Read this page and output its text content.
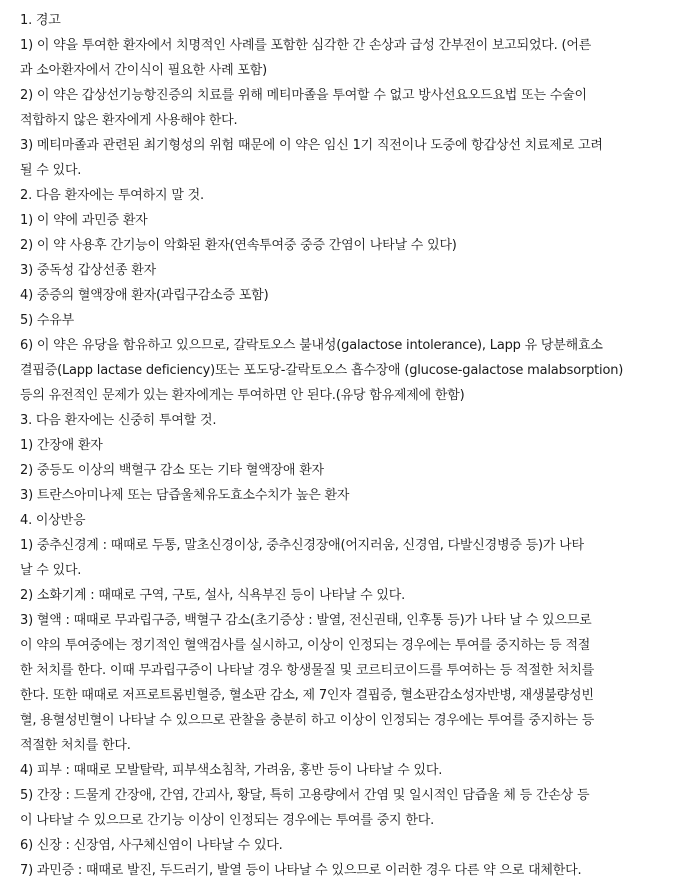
1. 경고

1) 이 약을 투여한 환자에서 치명적인 사례를 포함한 심각한 간 손상과 급성 간부전이 보고되었다. (어른

과 소아환자에서 간이식이 필요한 사례 포함)

2) 이 약은 갑상선기능항진증의 치료를 위해 메티마졸을 투여할 수 없고 방사선요오드요법 또는 수술이

적합하지 않은 환자에게 사용해야 한다.

3) 메티마졸과 관련된 최기형성의 위험 때문에 이 약은 임신 1기 직전이나 도중에 항갑상선 치료제로 고려

될 수 있다.

2. 다음 환자에는 투여하지 말 것.

1) 이 약에 과민증 환자

2) 이 약 사용후 간기능이 악화된 환자(연속투여중 중증 간염이 나타날 수 있다)

3) 중독성 갑상선종 환자

4) 중증의 혈액장애 환자(과립구감소증 포함)

5) 수유부

6) 이 약은 유당을 함유하고 있으므로, 갈락토오스 불내성(galactose intolerance), Lapp 유 당분해효소

결핍증(Lapp lactase deficiency)또는 포도당-갈락토오스 흡수장애 (glucose-galactose malabsorption)

등의 유전적인 문제가 있는 환자에게는 투여하면 안 된다.(유당 함유제제에 한함)

3. 다음 환자에는 신중히 투여할 것.

1) 간장애 환자

2) 중등도 이상의 백혈구 감소 또는 기타 혈액장애 환자

3) 트란스아미나제 또는 담즙울체유도효소수치가 높은 환자

4. 이상반응

1) 중추신경계 : 때때로 두통, 말초신경이상, 중추신경장애(어지러움, 신경염, 다발신경병증 등)가 나타

날 수 있다.

2) 소화기계 : 때때로 구역, 구토, 설사, 식욕부진 등이 나타날 수 있다.

3) 혈액 : 때때로 무과립구증, 백혈구 감소(초기증상 : 발열, 전신권태, 인후통 등)가 나타 날 수 있으므로

이 약의 투여중에는 정기적인 혈액검사를 실시하고, 이상이 인정되는 경우에는 투여를 중지하는 등 적절

한 처치를 한다. 이때 무과립구증이 나타날 경우 항생물질 및 코르티코이드를 투여하는 등 적절한 처치를

한다. 또한 때때로 저프로트롬빈혈증, 혈소판 감소, 제 7인자 결핍증, 혈소판감소성자반병, 재생불량성빈

혈, 용혈성빈혈이 나타날 수 있으므로 관찰을 충분히 하고 이상이 인정되는 경우에는 투여를 중지하는 등

적절한 처치를 한다.

4) 피부 : 때때로 모발탈락, 피부색소침착, 가려움, 홍반 등이 나타날 수 있다.

5) 간장 : 드물게 간장애, 간염, 간괴사, 황달, 특히 고용량에서 간염 및 일시적인 담즙울 체 등 간손상 등

이 나타날 수 있으므로 간기능 이상이 인정되는 경우에는 투여를 중지 한다.

6) 신장 : 신장염, 사구체신염이 나타날 수 있다.

7) 과민증 : 때때로 발진, 두드러기, 발열 등이 나타날 수 있으므로 이러한 경우 다른 약 으로 대체한다.
